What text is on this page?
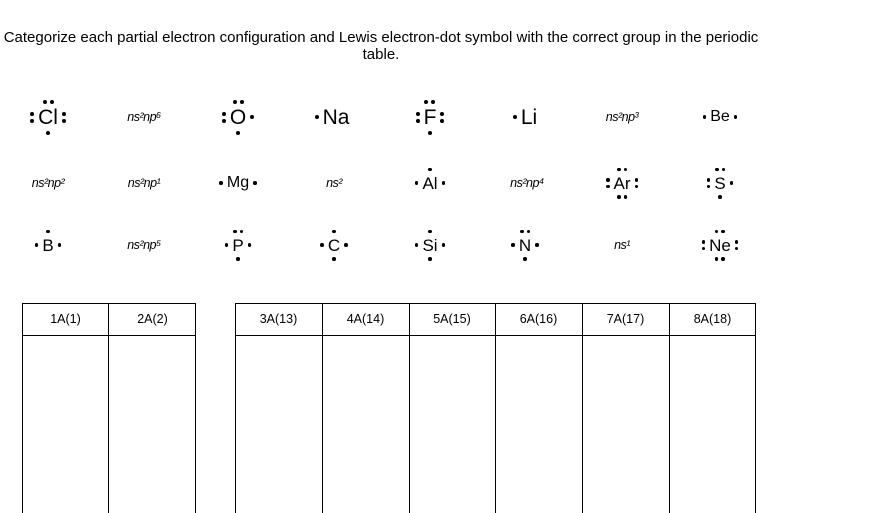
Categorize each partial electron configuration and Lewis electron-dot symbol with the correct group in the periodic table.
Cl	ns²np⁶	O	Na	F	Li	ns²np³	Be
ns²np²	ns²np¹	Mg	ns²	Al	ns²np⁴	Ar	S
B	ns²np⁵	P	C	Si	N	ns¹	Ne
1A(1)	2A(2)	3A(13)	4A(14)	5A(15)	6A(16)	7A(17)	8A(18)
